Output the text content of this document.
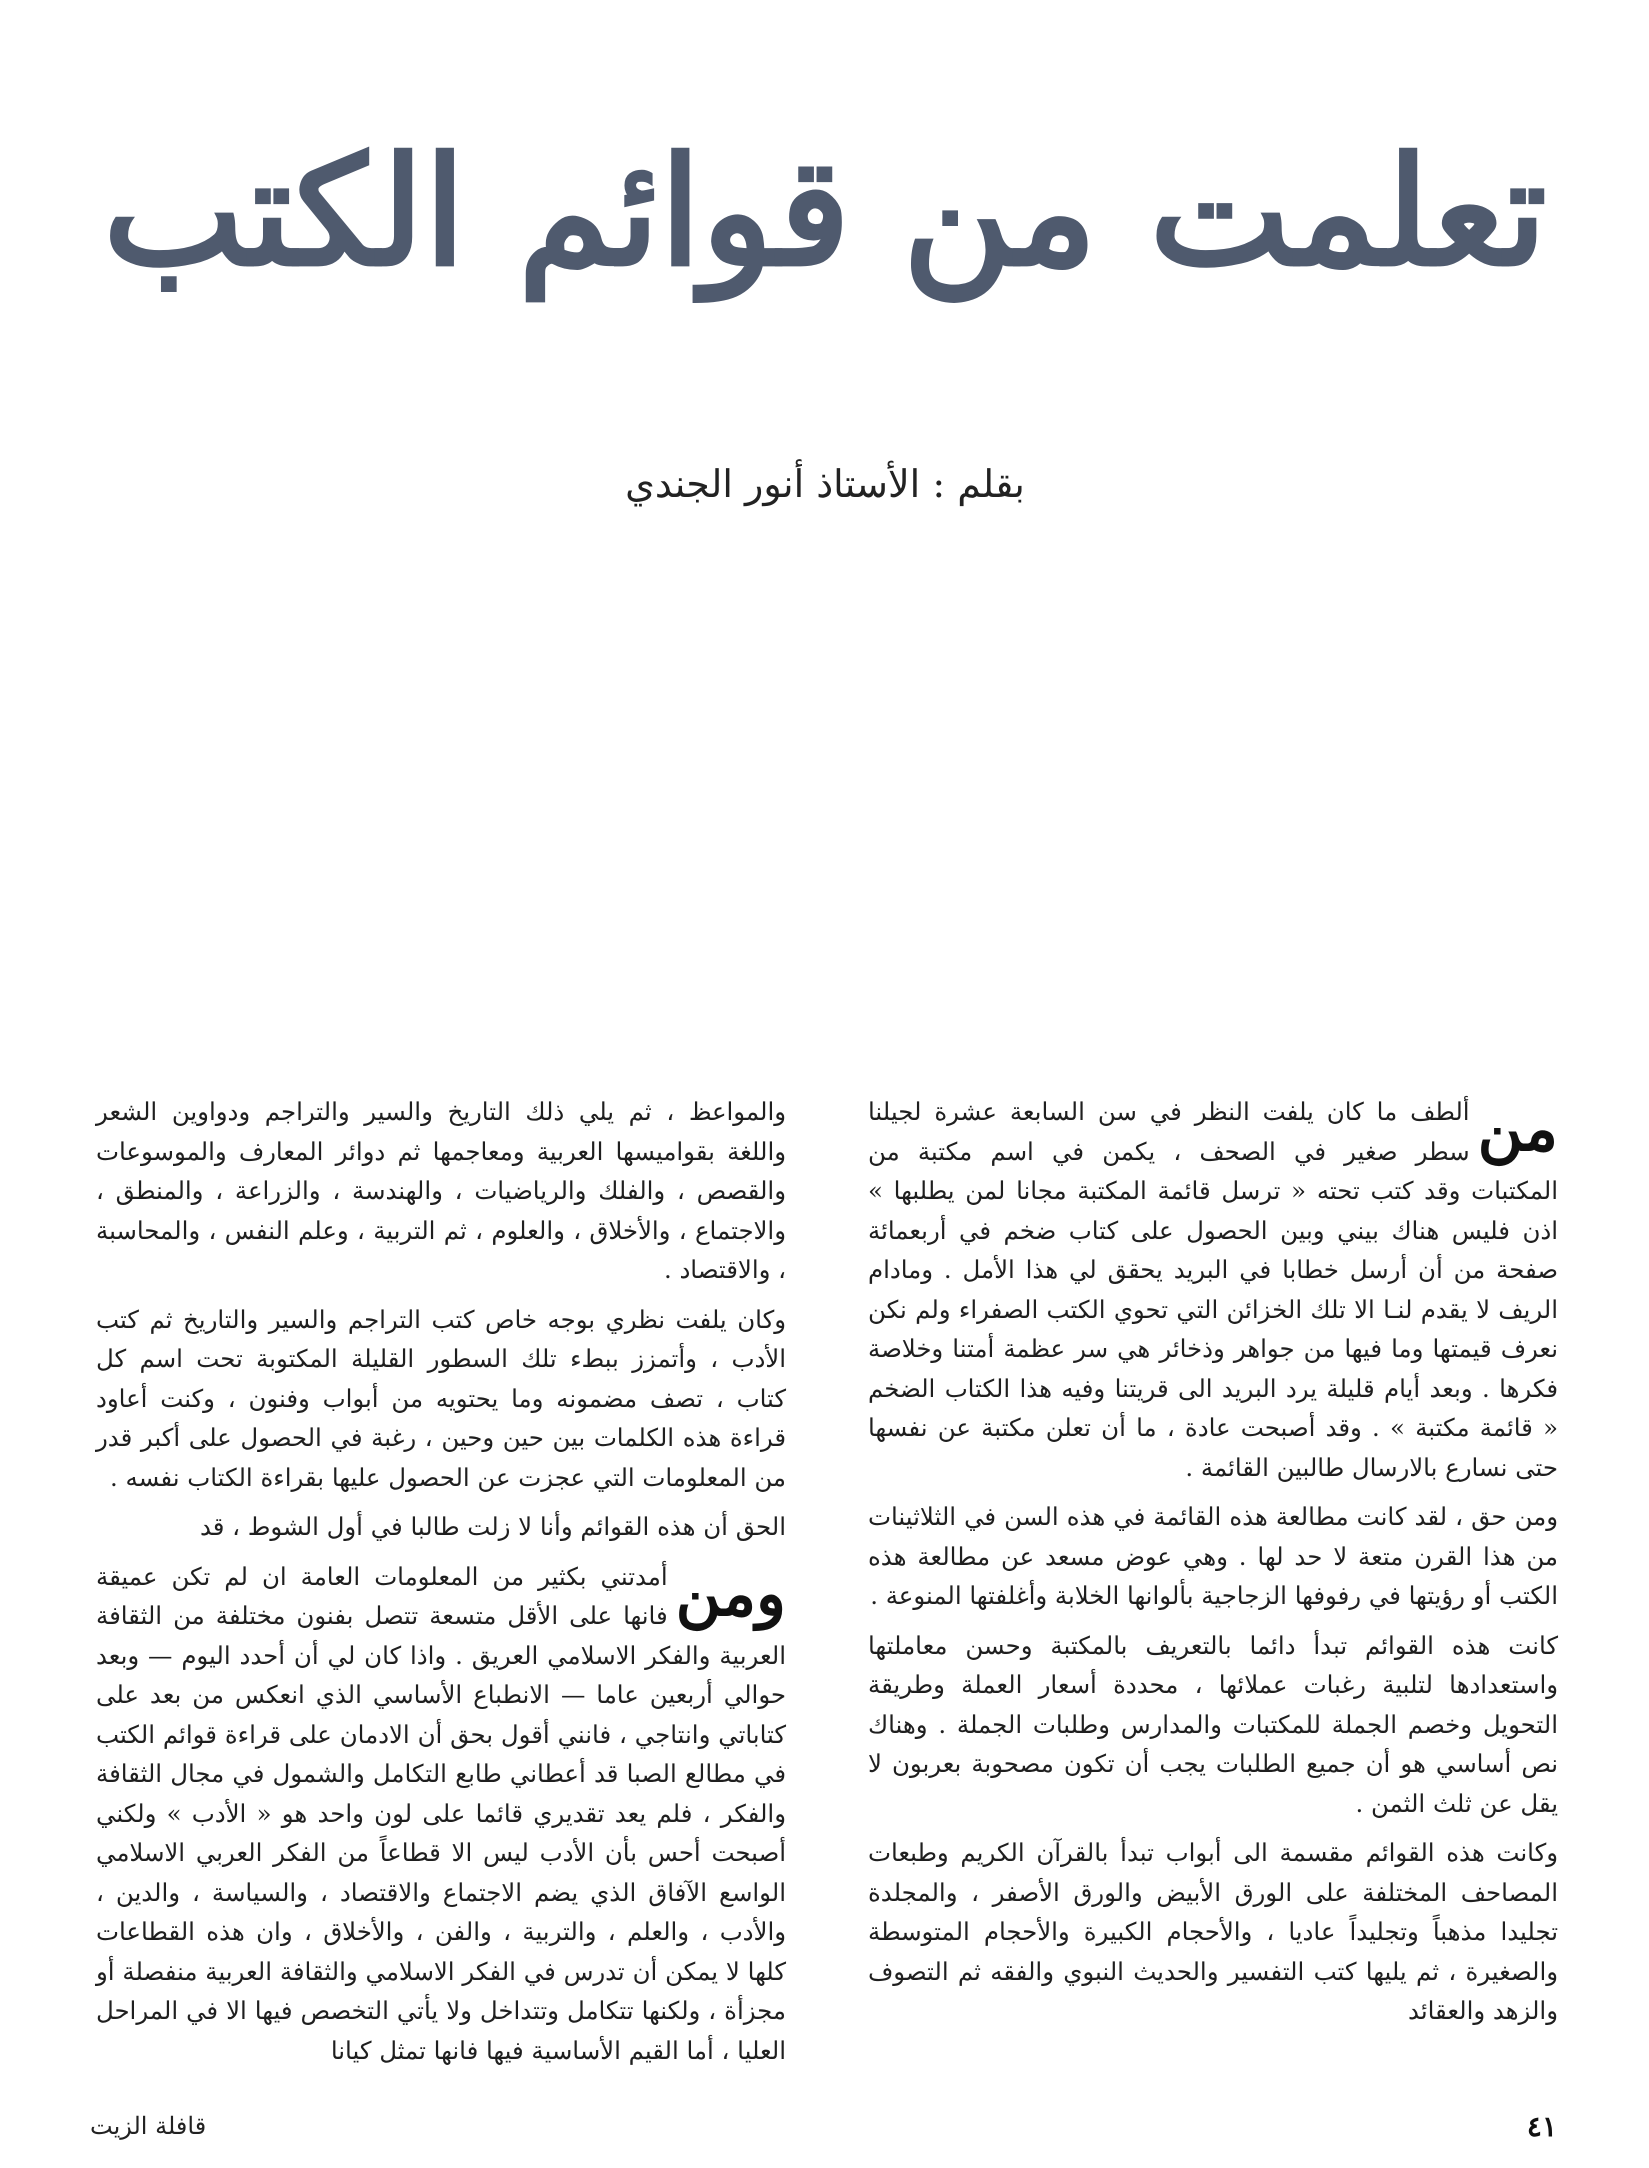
تعلمت من قوائم الكتب
بقلم : الأستاذ أنور الجندي

من
ألطف ما كان يلفت النظر في سن السابعة عشرة لجيلنا سطر صغير في الصحف ، يكمن في اسم مكتبة من المكتبات وقد كتب تحته « ترسل قائمة المكتبة مجانا لمن يطلبها » اذن فليس هناك بيني وبين الحصول على كتاب ضخم في أربعمائة صفحة من أن أرسل خطابا في البريد يحقق لي هذا الأمل . ومادام الريف لا يقدم لنـا الا تلك الخزائن التي تحوي الكتب الصفراء ولم نكن نعرف قيمتها وما فيها من جواهر وذخائر هي سر عظمة أمتنا وخلاصة فكرها . وبعد أيام قليلة يرد البريد الى قريتنا وفيه هذا الكتاب الضخم « قائمة مكتبة » . وقد أصبحت عادة ، ما أن تعلن مكتبة عن نفسها حتى نسارع بالارسال طالبين القائمة .

ومن حق ، لقد كانت مطالعة هذه القائمة في هذه السن في الثلاثينات من هذا القرن متعة لا حد لها . وهي عوض مسعد عن مطالعة هذه الكتب أو رؤيتها في رفوفها الزجاجية بألوانها الخلابة وأغلفتها المنوعة .

كانت هذه القوائم تبدأ دائما بالتعريف بالمكتبة وحسن معاملتها واستعدادها لتلبية رغبات عملائها ، محددة أسعار العملة وطريقة التحويل وخصم الجملة للمكتبات والمدارس وطلبات الجملة . وهناك نص أساسي هو أن جميع الطلبات يجب أن تكون مصحوبة بعربون لا يقل عن ثلث الثمن .

وكانت هذه القوائم مقسمة الى أبواب تبدأ بالقرآن الكريم وطبعات المصاحف المختلفة على الورق الأبيض والورق الأصفر ، والمجلدة تجليدا مذهباً وتجليداً عاديا ، والأحجام الكبيرة والأحجام المتوسطة والصغيرة ، ثم يليها كتب التفسير والحديث النبوي والفقه ثم التصوف والزهد والعقائد

والمواعظ ، ثم يلي ذلك التاريخ والسير والتراجم ودواوين الشعر واللغة بقواميسها العربية ومعاجمها ثم دوائر المعارف والموسوعات والقصص ، والفلك والرياضيات ، والهندسة ، والزراعة ، والمنطق ، والاجتماع ، والأخلاق ، والعلوم ، ثم التربية ، وعلم النفس ، والمحاسبة ، والاقتصاد .

وكان يلفت نظري بوجه خاص كتب التراجم والسير والتاريخ ثم كتب الأدب ، وأتمزز ببطء تلك السطور القليلة المكتوبة تحت اسم كل كتاب ، تصف مضمونه وما يحتويه من أبواب وفنون ، وكنت أعاود قراءة هذه الكلمات بين حين وحين ، رغبة في الحصول على أكبر قدر من المعلومات التي عجزت عن الحصول عليها بقراءة الكتاب نفسه .

الحق أن هذه القوائم وأنا لا زلت طالبا في أول الشوط ، قد

ومن
أمدتني بكثير من المعلومات العامة ان لم تكن عميقة فانها على الأقل متسعة تتصل بفنون مختلفة من الثقافة العربية والفكر الاسلامي العريق . واذا كان لي أن أحدد اليوم — وبعد حوالي أربعين عاما — الانطباع الأساسي الذي انعكس من بعد على كتاباتي وانتاجي ، فانني أقول بحق أن الادمان على قراءة قوائم الكتب في مطالع الصبا قد أعطاني طابع التكامل والشمول في مجال الثقافة والفكر ، فلم يعد تقديري قائما على لون واحد هو « الأدب » ولكني أصبحت أحس بأن الأدب ليس الا قطاعاً من الفكر العربي الاسلامي الواسع الآفاق الذي يضم الاجتماع والاقتصاد ، والسياسة ، والدين ، والأدب ، والعلم ، والتربية ، والفن ، والأخلاق ، وان هذه القطاعات كلها لا يمكن أن تدرس في الفكر الاسلامي والثقافة العربية منفصلة أو مجزأة ، ولكنها تتكامل وتتداخل ولا يأتي التخصص فيها الا في المراحل العليا ، أما القيم الأساسية فيها فانها تمثل كيانا

قافلة الزيت	٤١
